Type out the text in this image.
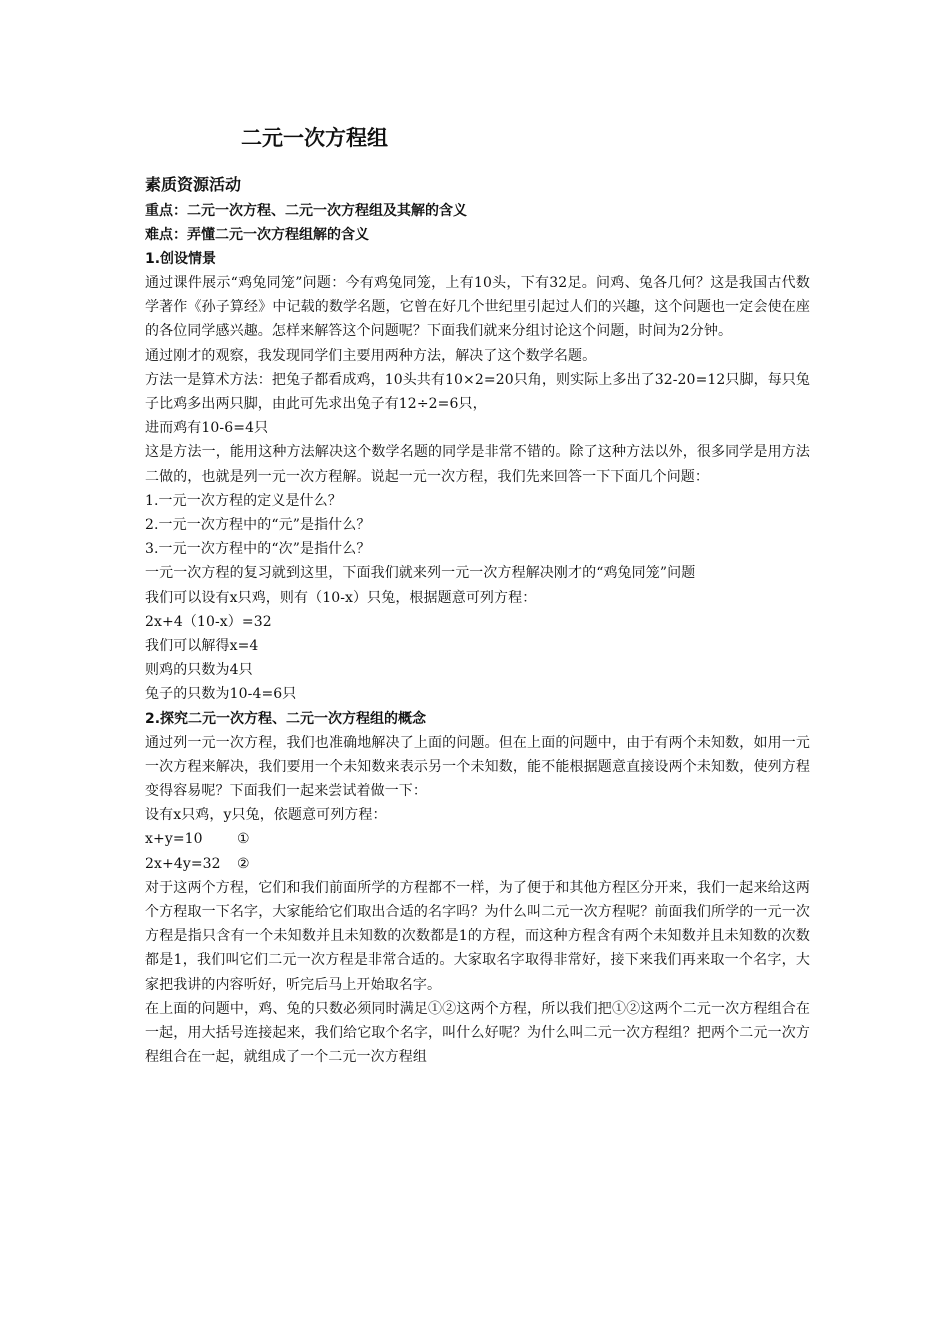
二元一次方程组
素质资源活动
重点：二元一次方程、二元一次方程组及其解的含义
难点：弄懂二元一次方程组解的含义
1.创设情景
通过课件展示“鸡兔同笼”问题：今有鸡兔同笼，上有10头，下有32足。问鸡、兔各几何？这是我国古代数学著作《孙子算经》中记载的数学名题，它曾在好几个世纪里引起过人们的兴趣，这个问题也一定会使在座的各位同学感兴趣。怎样来解答这个问题呢？下面我们就来分组讨论这个问题，时间为2分钟。
通过刚才的观察，我发现同学们主要用两种方法，解决了这个数学名题。
方法一是算术方法：把兔子都看成鸡，10头共有10×2=20只角，则实际上多出了32-20=12只脚，每只兔子比鸡多出两只脚，由此可先求出兔子有12÷2=6只，
进而鸡有10-6=4只
这是方法一，能用这种方法解决这个数学名题的同学是非常不错的。除了这种方法以外，很多同学是用方法二做的，也就是列一元一次方程解。说起一元一次方程，我们先来回答一下下面几个问题：
1.一元一次方程的定义是什么？
2.一元一次方程中的“元”是指什么？
3.一元一次方程中的“次”是指什么？
一元一次方程的复习就到这里，下面我们就来列一元一次方程解决刚才的“鸡兔同笼”问题
我们可以设有x只鸡，则有（10-x）只兔，根据题意可列方程：
2x+4（10-x）=32
我们可以解得x=4
则鸡的只数为4只
兔子的只数为10-4=6只
2.探究二元一次方程、二元一次方程组的概念
通过列一元一次方程，我们也准确地解决了上面的问题。但在上面的问题中，由于有两个未知数，如用一元一次方程来解决，我们要用一个未知数来表示另一个未知数，能不能根据题意直接设两个未知数，使列方程变得容易呢？下面我们一起来尝试着做一下：
设有x只鸡，y只兔，依题意可列方程：
x+y=10	①
2x+4y=32	②
对于这两个方程，它们和我们前面所学的方程都不一样，为了便于和其他方程区分开来，我们一起来给这两个方程取一下名字，大家能给它们取出合适的名字吗？为什么叫二元一次方程呢？前面我们所学的一元一次方程是指只含有一个未知数并且未知数的次数都是1的方程，而这种方程含有两个未知数并且未知数的次数都是1，我们叫它们二元一次方程是非常合适的。大家取名字取得非常好，接下来我们再来取一个名字，大家把我讲的内容听好，听完后马上开始取名字。
在上面的问题中，鸡、兔的只数必须同时满足①②这两个方程，所以我们把①②这两个二元一次方程组合在一起，用大括号连接起来，我们给它取个名字，叫什么好呢？为什么叫二元一次方程组？把两个二元一次方程组合在一起，就组成了一个二元一次方程组
